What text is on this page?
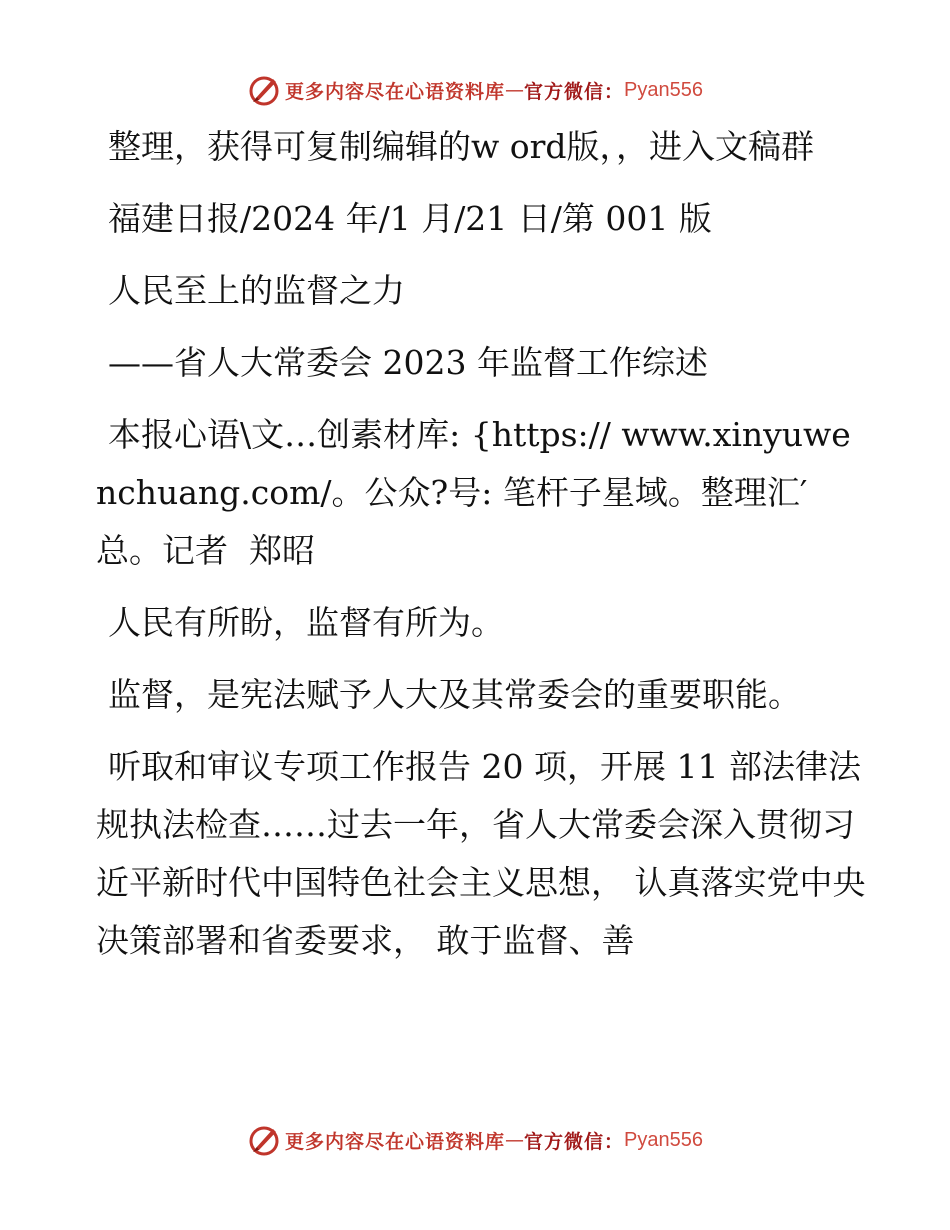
更多内容尽在心语资料库 — 官方微信： Pyan556

整理，获得可复制编辑的w ord版，，进入文稿群

福建日报/2024 年/1 月/21 日/第 001 版

人民至上的监督之力

——省人大常委会 2023 年监督工作综述

本报心语\文…创素材库: {https:// www.xinyuwenchuang.com/。公众?号: 笔杆子星域。整理汇′总。记者  郑昭

人民有所盼，监督有所为。

监督，是宪法赋予人大及其常委会的重要职能。

听取和审议专项工作报告 20 项，开展 11 部法律法规执法检查……过去一年，省人大常委会深入贯彻习近平新时代中国特色社会主义思想， 认真落实党中央决策部署和省委要求， 敢于监督、善

更多内容尽在心语资料库 — 官方微信： Pyan556
